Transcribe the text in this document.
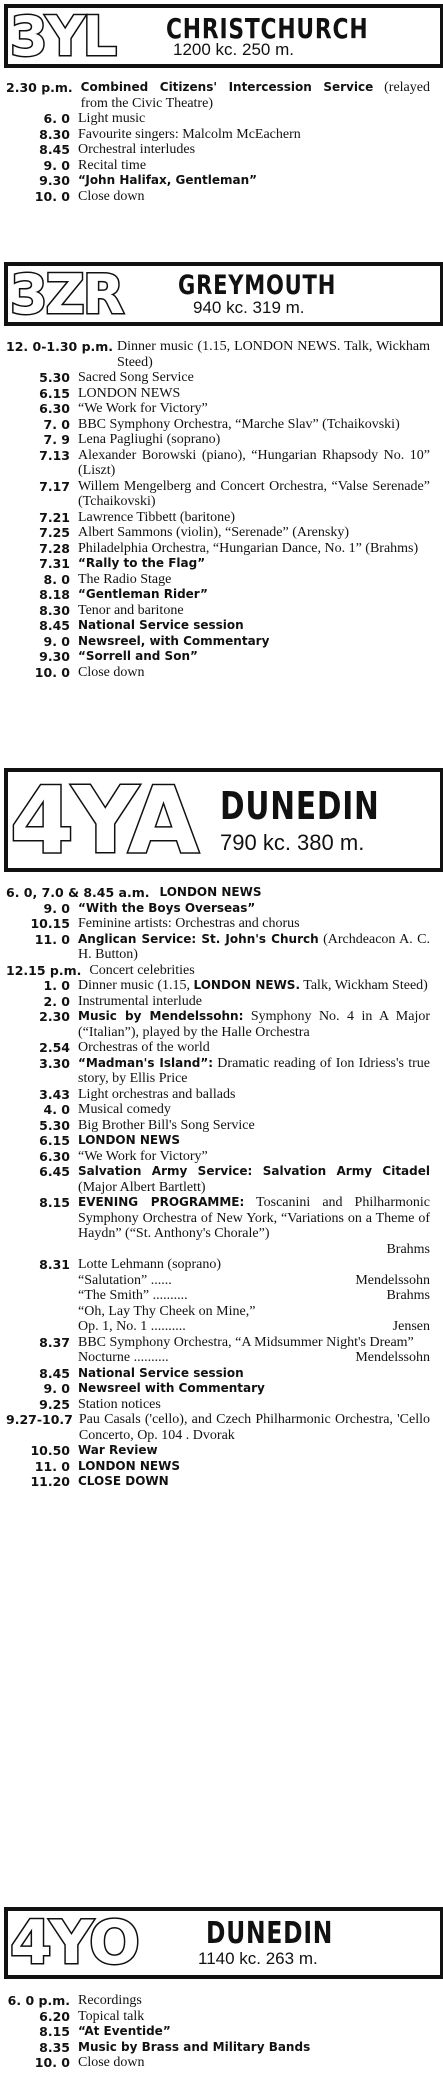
3YL CHRISTCHURCH
1200 kc. 250 m.
2.30 p.m. Combined Citizens' Intercession Service (relayed from the Civic Theatre)
6. 0 Light music
8.30 Favourite singers: Malcolm McEachern
8.45 Orchestral interludes
9. 0 Recital time
9.30 “John Halifax, Gentleman”
10. 0 Close down
3ZR GREYMOUTH
940 kc. 319 m.
12. 0-1.30 p.m. Dinner music (1.15, LONDON NEWS. Talk, Wickham Steed)
5.30 Sacred Song Service
6.15 LONDON NEWS
6.30 “We Work for Victory”
7. 0 BBC Symphony Orchestra, “Marche Slav” (Tchaikovski)
7. 9 Lena Pagliughi (soprano)
7.13 Alexander Borowski (piano), “Hungarian Rhapsody No. 10” (Liszt)
7.17 Willem Mengelberg and Concert Orchestra, “Valse Serenade” (Tchaikovski)
7.21 Lawrence Tibbett (baritone)
7.25 Albert Sammons (violin), “Serenade” (Arensky)
7.28 Philadelphia Orchestra, “Hungarian Dance, No. 1” (Brahms)
7.31 “Rally to the Flag”
8. 0 The Radio Stage
8.18 “Gentleman Rider”
8.30 Tenor and baritone
8.45 National Service session
9. 0 Newsreel, with Commentary
9.30 “Sorrell and Son”
10. 0 Close down
4YA DUNEDIN
790 kc. 380 m.
6. 0, 7.0 & 8.45 a.m. LONDON NEWS
9. 0 “With the Boys Overseas”
10.15 Feminine artists: Orchestras and chorus
11. 0 Anglican Service: St. John's Church (Archdeacon A. C. H. Button)
12.15 p.m. Concert celebrities
1. 0 Dinner music (1.15, LONDON NEWS. Talk, Wickham Steed)
2. 0 Instrumental interlude
2.30 Music by Mendelssohn: Symphony No. 4 in A Major (“Italian”), played by the Halle Orchestra
2.54 Orchestras of the world
3.30 “Madman's Island”: Dramatic reading of Ion Idriess's true story, by Ellis Price
3.43 Light orchestras and ballads
4. 0 Musical comedy
5.30 Big Brother Bill's Song Service
6.15 LONDON NEWS
6.30 “We Work for Victory”
6.45 Salvation Army Service: Salvation Army Citadel (Major Albert Bartlett)
8.15 EVENING PROGRAMME: Toscanini and Philharmonic Symphony Orchestra of New York, “Variations on a Theme of Haydn” (“St. Anthony's Chorale”)
Brahms
8.31 Lotte Lehmann (soprano)
“Salutation” ......	Mendelssohn
“The Smith” ..........	Brahms
“Oh, Lay Thy Cheek on Mine,”
Op. 1, No. 1 ..........	Jensen
8.37 BBC Symphony Orchestra, “A Midsummer Night's Dream”
Nocturne ..........	Mendelssohn
8.45 National Service session
9. 0 Newsreel with Commentary
9.25 Station notices
9.27-10.7 Pau Casals ('cello), and Czech Philharmonic Orchestra, 'Cello Concerto, Op. 104 . Dvorak
10.50 War Review
11. 0 LONDON NEWS
11.20 CLOSE DOWN
4YO DUNEDIN
1140 kc. 263 m.
6. 0 p.m. Recordings
6.20 Topical talk
8.15 “At Eventide”
8.35 Music by Brass and Military Bands
10. 0 Close down
